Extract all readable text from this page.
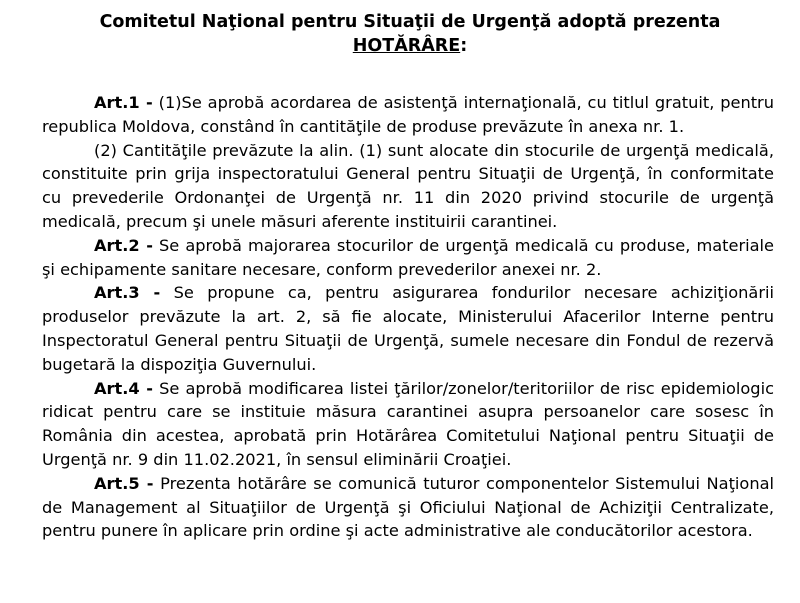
Comitetul Naţional pentru Situaţii de Urgenţă adoptă prezenta
HOTĂRÂRE:

Art.1 - (1)Se aprobă acordarea de asistenţă internaţională, cu titlul gratuit, pentru republica Moldova, constând în cantităţile de produse prevăzute în anexa nr. 1.

(2) Cantităţile prevăzute la alin. (1) sunt alocate din stocurile de urgenţă medicală, constituite prin grija inspectoratului General pentru Situaţii de Urgenţă, în conformitate cu prevederile Ordonanţei de Urgenţă nr. 11 din 2020 privind stocurile de urgenţă medicală, precum şi unele măsuri aferente instituirii carantinei.

Art.2 - Se aprobă majorarea stocurilor de urgenţă medicală cu produse, materiale şi echipamente sanitare necesare, conform prevederilor anexei nr. 2.

Art.3 - Se propune ca, pentru asigurarea fondurilor necesare achiziţionării produselor prevăzute la art. 2, să fie alocate, Ministerului Afacerilor Interne pentru Inspectoratul General pentru Situaţii de Urgenţă, sumele necesare din Fondul de rezervă bugetară la dispoziţia Guvernului.

Art.4 - Se aprobă modificarea listei ţărilor/zonelor/teritoriilor de risc epidemiologic ridicat pentru care se instituie măsura carantinei asupra persoanelor care sosesc în România din acestea, aprobată prin Hotărârea Comitetului Naţional pentru Situaţii de Urgenţă nr. 9 din 11.02.2021, în sensul eliminării Croaţiei.

Art.5 - Prezenta hotărâre se comunică tuturor componentelor Sistemului Naţional de Management al Situaţiilor de Urgenţă şi Oficiului Naţional de Achiziţii Centralizate, pentru punere în aplicare prin ordine şi acte administrative ale conducătorilor acestora.
